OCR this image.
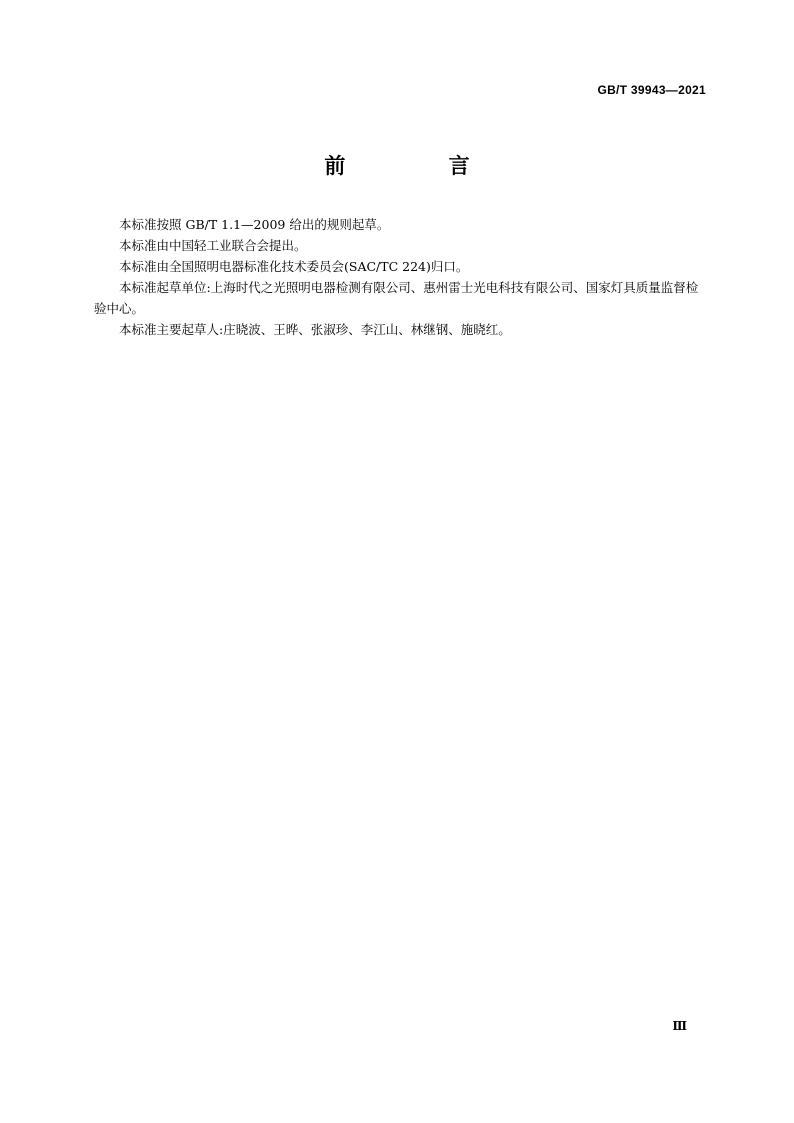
GB/T 39943—2021
前 言

本标准按照 GB/T 1.1—2009 给出的规则起草。

本标准由中国轻工业联合会提出。

本标准由全国照明电器标准化技术委员会(SAC/TC 224)归口。

本标准起草单位:上海时代之光照明电器检测有限公司、惠州雷士光电科技有限公司、国家灯具质量监督检验中心。

本标准主要起草人:庄晓波、王晔、张淑珍、李江山、林继钢、施晓红。

Ⅲ
